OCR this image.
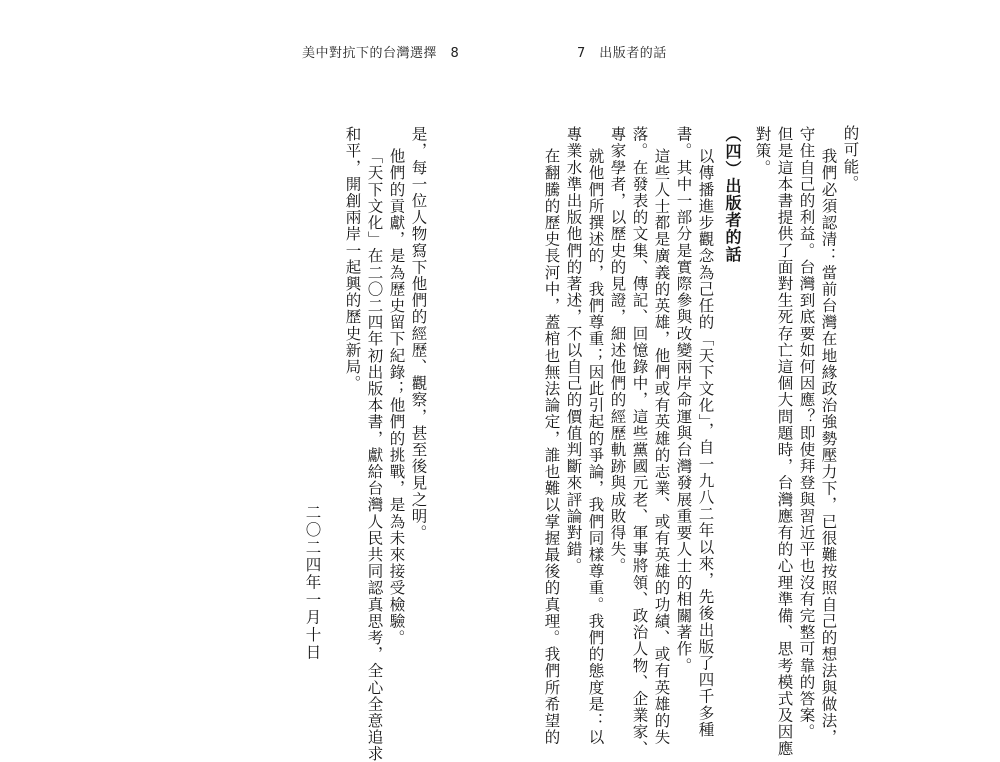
美中對抗下的台灣選擇　8	7　出版者的話
的可能。
我們必須認清：當前台灣在地緣政治強勢壓力下，已很難按照自己的想法與做法，
守住自己的利益。台灣到底要如何因應？即使拜登與習近平也沒有完整可靠的答案。
但是這本書提供了面對生死存亡這個大問題時，台灣應有的心理準備、思考模式及因應
對策。
（四）出版者的話
以傳播進步觀念為己任的「天下文化」，自一九八二年以來，先後出版了四千多種
書。其中一部分是實際參與改變兩岸命運與台灣發展重要人士的相關著作。
這些人士都是廣義的英雄，他們或有英雄的志業、或有英雄的功績、或有英雄的失
落。在發表的文集、傳記、回憶錄中，這些黨國元老、軍事將領、政治人物、企業家、
專家學者，以歷史的見證，細述他們的經歷軌跡與成敗得失。
就他們所撰述的，我們尊重；因此引起的爭論，我們同樣尊重。我們的態度是：以
專業水準出版他們的著述，不以自己的價值判斷來評論對錯。
在翻騰的歷史長河中，蓋棺也無法論定，誰也難以掌握最後的真理。我們所希望的
是，每一位人物寫下他們的經歷、觀察，甚至後見之明。
他們的貢獻，是為歷史留下紀錄；他們的挑戰，是為未來接受檢驗。
「天下文化」在二〇二四年初出版本書，獻給台灣人民共同認真思考，全心全意追求
和平，開創兩岸一起興的歷史新局。
二〇二四年一月十日
